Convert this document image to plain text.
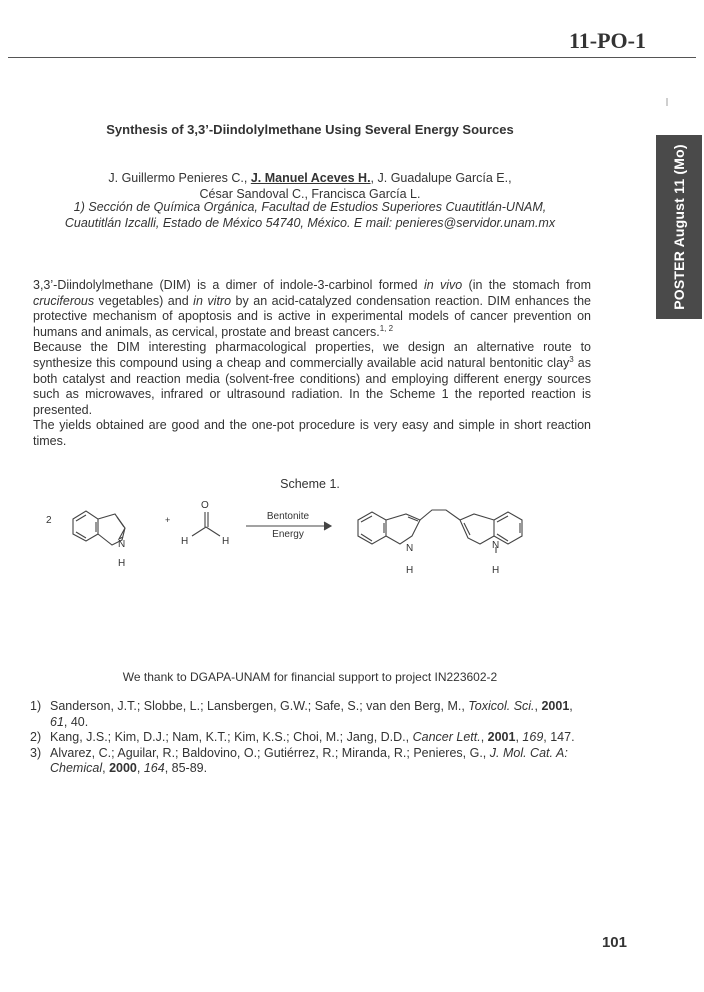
11-PO-1
POSTER August 11 (Mo)
Synthesis of 3,3’-Diindolylmethane Using Several Energy Sources
J. Guillermo Penieres C., J. Manuel Aceves H., J. Guadalupe García E.,
César Sandoval C., Francisca García L.
1) Sección de Química Orgánica, Facultad de Estudios Superiores Cuautitlán-UNAM,
Cuautitlán Izcalli, Estado de México 54740, México. E mail: penieres@servidor.unam.mx

3,3’-Diindolylmethane (DIM) is a dimer of indole-3-carbinol formed in vivo (in the stomach from cruciferous vegetables) and in vitro by an acid-catalyzed condensation reaction. DIM enhances the protective mechanism of apoptosis and is active in experimental models of cancer prevention on humans and animals, as cervical, prostate and breast cancers.$^{1, 2}$

Because the DIM interesting pharmacological properties, we design an alternative route to synthesize this compound using a cheap and commercially available acid natural bentonitic clay$^3$ as both catalyst and reaction media (solvent-free conditions) and employing different energy sources such as microwaves, infrared or ultrasound radiation. In the Scheme 1 the reported reaction is presented.

The yields obtained are good and the one-pot procedure is very easy and simple in short reaction times.

Scheme 1.
2
N
H
+
O
H	H
Bentonite
Energy
N	N
H	H
We thank to DGAPA-UNAM for financial support to project IN223602-2
1) Sanderson, J.T.; Slobbe, L.; Lansbergen, G.W.; Safe, S.; van den Berg, M., Toxicol. Sci., 2001, 61, 40.
2) Kang, J.S.; Kim, D.J.; Nam, K.T.; Kim, K.S.; Choi, M.; Jang, D.D., Cancer Lett., 2001, 169, 147.
3) Alvarez, C.; Aguilar, R.; Baldovino, O.; Gutiérrez, R.; Miranda, R.; Penieres, G., J. Mol. Cat. A: Chemical, 2000, 164, 85-89.
101
